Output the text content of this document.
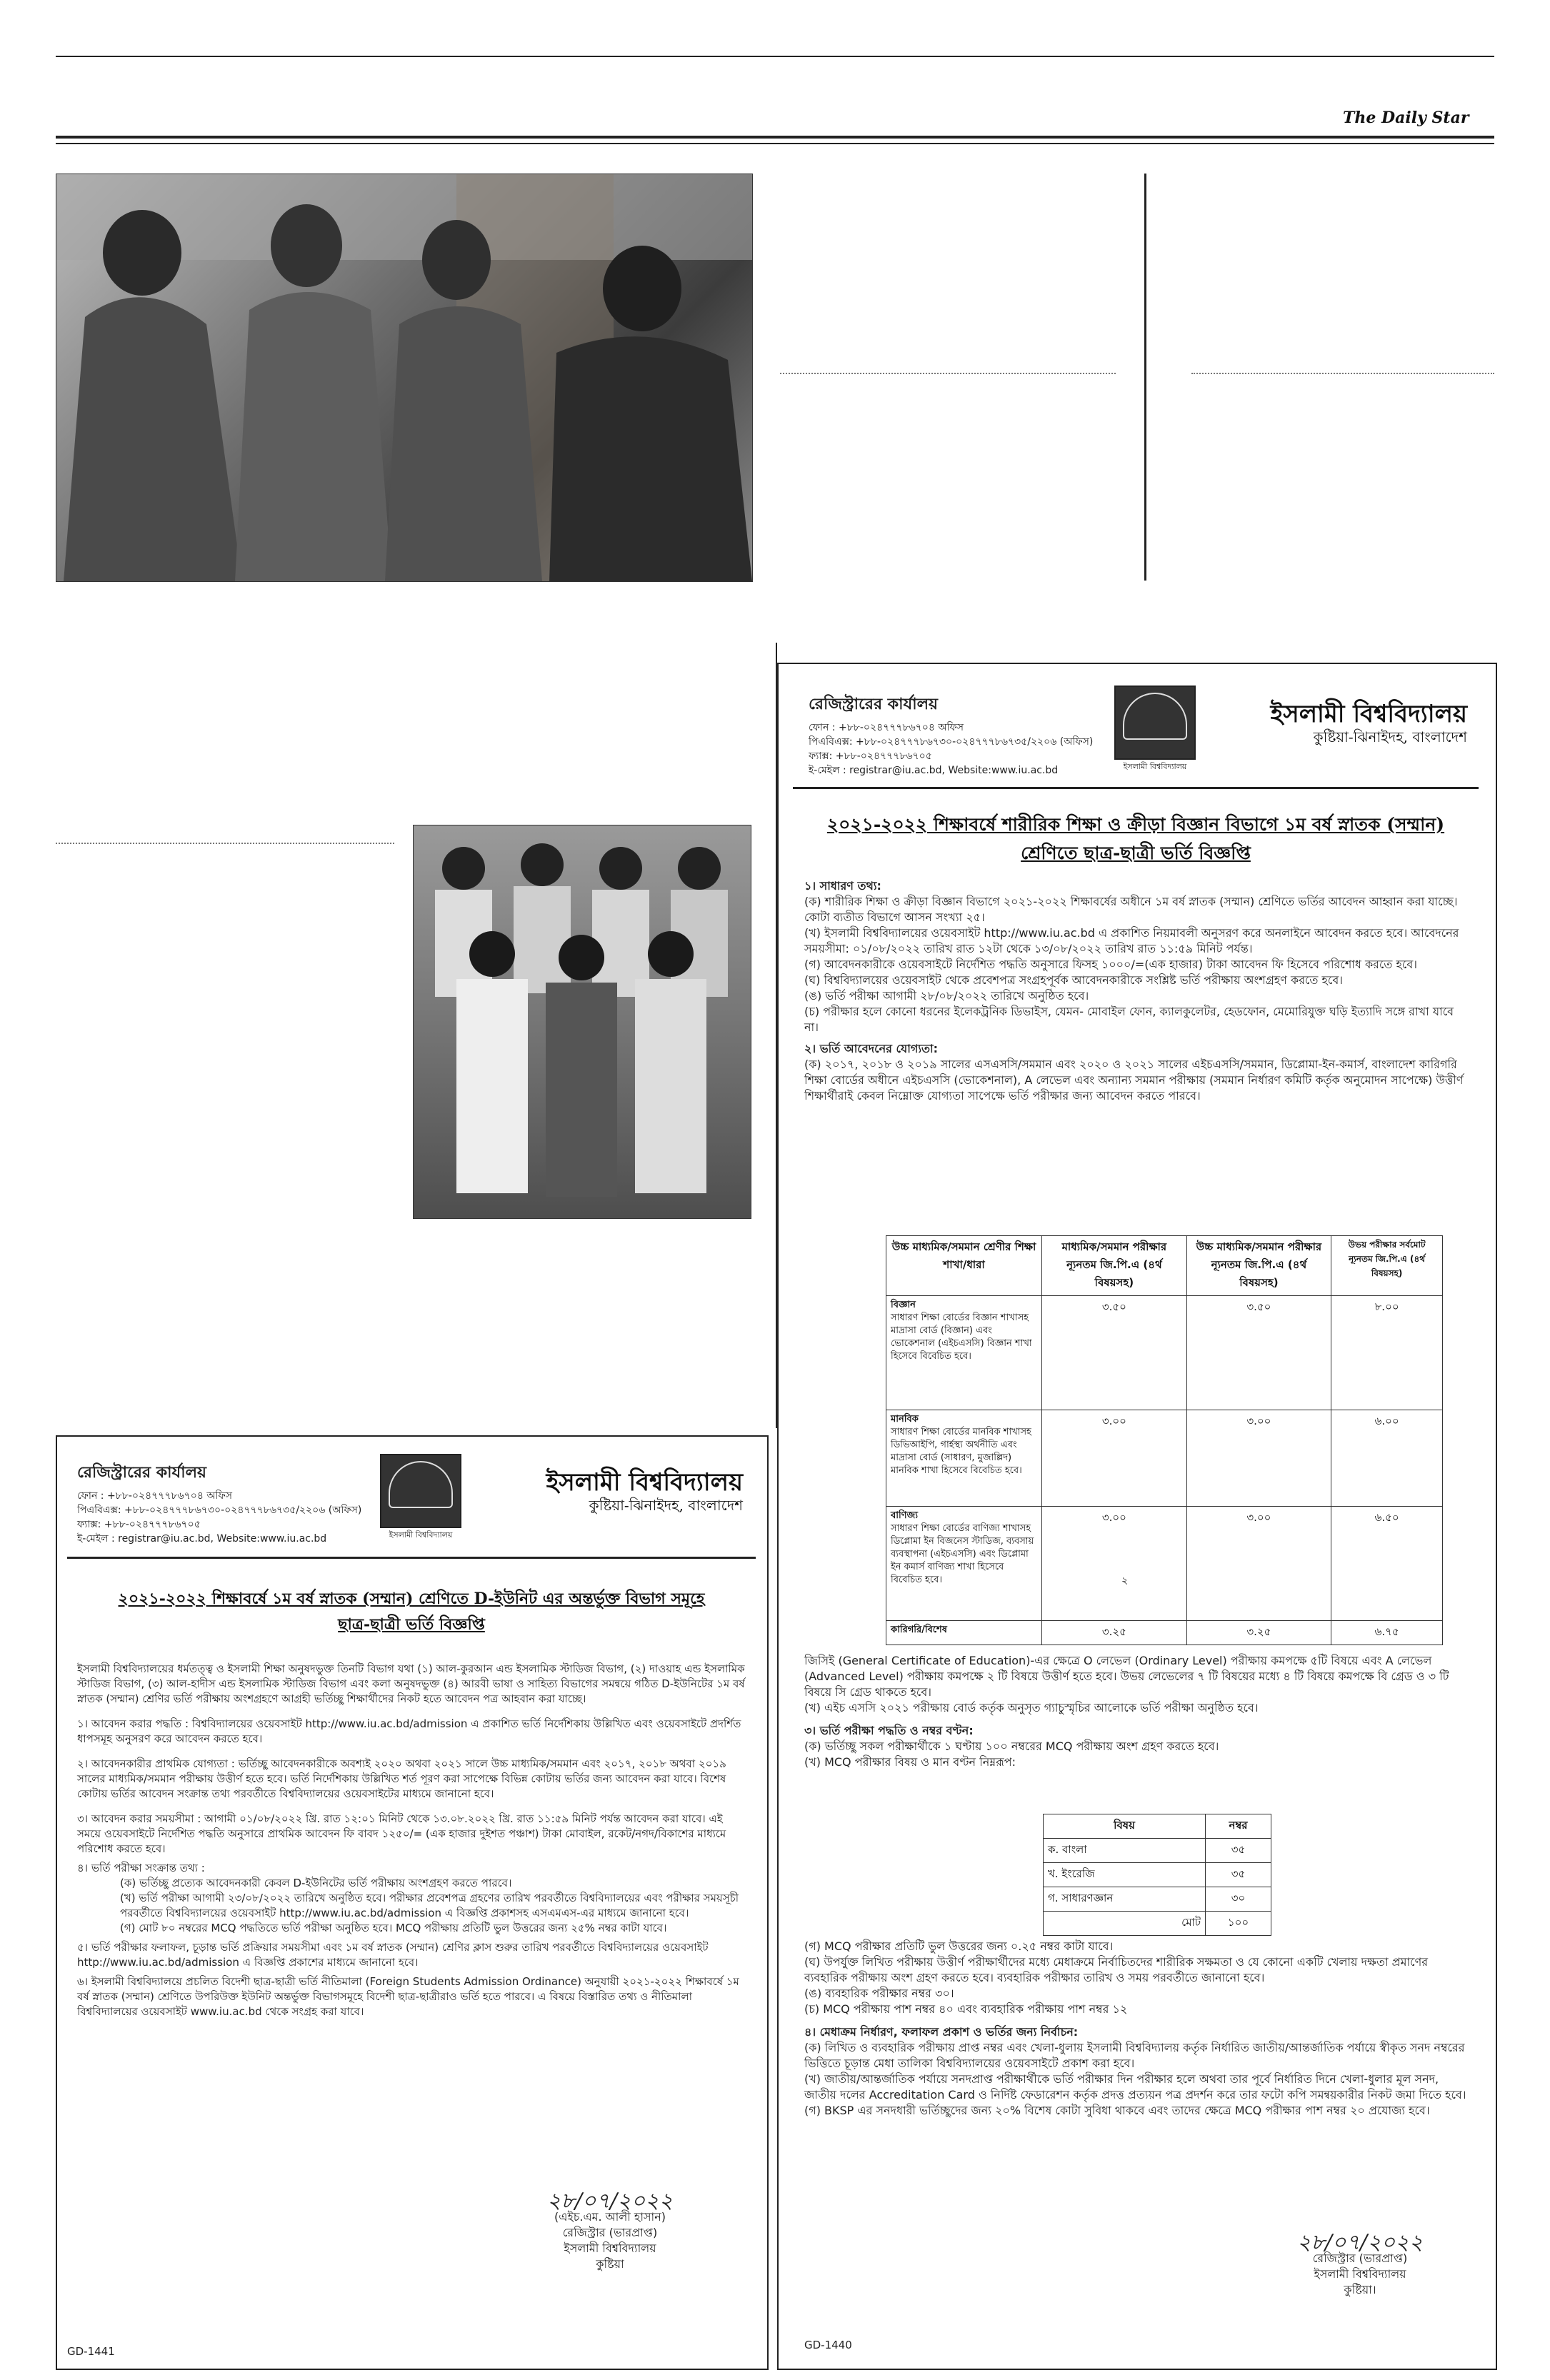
The Daily Star
রেজিস্ট্রারের কার্যালয়
ফোন : +৮৮-০২৪৭৭৭৮৬৭০৪ অফিস
পিএবিএক্স: +৮৮-০২৪৭৭৭৮৬৭৩০-০২৪৭৭৭৮৬৭৩৫/২২০৬ (অফিস)
ফ্যাক্স: +৮৮-০২৪৭৭৭৮৬৭০৫
ই-মেইল : registrar@iu.ac.bd, Website:www.iu.ac.bd	ইসলামী বিশ্ববিদ্যালয়
ইসলামী বিশ্ববিদ্যালয়
কুষ্টিয়া-ঝিনাইদহ, বাংলাদেশ
২০২১-২০২২ শিক্ষাবর্ষে শারীরিক শিক্ষা ও ক্রীড়া বিজ্ঞান বিভাগে ১ম বর্ষ স্নাতক (সম্মান)
শ্রেণিতে ছাত্র-ছাত্রী ভর্তি বিজ্ঞপ্তি

১। সাধারণ তথ্য:

(ক) শারীরিক শিক্ষা ও ক্রীড়া বিজ্ঞান বিভাগে ২০২১-২০২২ শিক্ষাবর্ষের অধীনে ১ম বর্ষ স্নাতক (সম্মান) শ্রেণিতে ভর্তির আবেদন আহ্বান করা যাচ্ছে। কোটা ব্যতীত বিভাগে আসন সংখ্যা ২৫।

(খ) ইসলামী বিশ্ববিদ্যালয়ের ওয়েবসাইট http://www.iu.ac.bd এ প্রকাশিত নিয়মাবলী অনুসরণ করে অনলাইনে আবেদন করতে হবে। আবেদনের সময়সীমা: ০১/০৮/২০২২ তারিখ রাত ১২টা থেকে ১৩/০৮/২০২২ তারিখ রাত ১১:৫৯ মিনিট পর্যন্ত।

(গ) আবেদনকারীকে ওয়েবসাইটে নির্দেশিত পদ্ধতি অনুসারে ফিসহ ১০০০/=(এক হাজার) টাকা আবেদন ফি হিসেবে পরিশোধ করতে হবে।

(ঘ) বিশ্ববিদ্যালয়ের ওয়েবসাইট থেকে প্রবেশপত্র সংগ্রহপূর্বক আবেদনকারীকে সংশ্লিষ্ট ভর্তি পরীক্ষায় অংশগ্রহণ করতে হবে।

(ঙ) ভর্তি পরীক্ষা আগামী ২৮/০৮/২০২২ তারিখে অনুষ্ঠিত হবে।

(চ) পরীক্ষার হলে কোনো ধরনের ইলেকট্রনিক ডিভাইস, যেমন- মোবাইল ফোন, ক্যালকুলেটর, হেডফোন, মেমোরিযুক্ত ঘড়ি ইত্যাদি সঙ্গে রাখা যাবে না।

২। ভর্তি আবেদনের যোগ্যতা:

(ক) ২০১৭, ২০১৮ ও ২০১৯ সালের এসএসসি/সমমান এবং ২০২০ ও ২০২১ সালের এইচএসসি/সমমান, ডিপ্লোমা-ইন-কমার্স, বাংলাদেশ কারিগরি শিক্ষা বোর্ডের অধীনে এইচএসসি (ভোকেশনাল), A লেভেল এবং অন্যান্য সমমান পরীক্ষায় (সমমান নির্ধারণ কমিটি কর্তৃক অনুমোদন সাপেক্ষে) উত্তীর্ণ শিক্ষার্থীরাই কেবল নিম্নোক্ত যোগ্যতা সাপেক্ষে ভর্তি পরীক্ষার জন্য আবেদন করতে পারবে।

উচ্চ মাধ্যমিক/সমমান শ্রেণীর শিক্ষা শাখা/ধারা	মাধ্যমিক/সমমান পরীক্ষার ন্যূনতম জি.পি.এ (৪র্থ বিষয়সহ)	উচ্চ মাধ্যমিক/সমমান পরীক্ষার ন্যূনতম জি.পি.এ (৪র্থ বিষয়সহ)	উভয় পরীক্ষার সর্বমোট ন্যূনতম জি.পি.এ (৪র্থ বিষয়সহ)
বিজ্ঞান
সাধারণ শিক্ষা বোর্ডের বিজ্ঞান শাখাসহ মাদ্রাসা বোর্ড (বিজ্ঞান) এবং ভোকেশনাল (এইচএসসি) বিজ্ঞান শাখা হিসেবে বিবেচিত হবে।	৩.৫০	৩.৫০	৮.০০
মানবিক
সাধারণ শিক্ষা বোর্ডের মানবিক শাখাসহ ডিভিআইপি, গার্হস্থ্য অর্থনীতি এবং মাদ্রাসা বোর্ড (সাধারণ, মুজাল্লিদ) মানবিক শাখা হিসেবে বিবেচিত হবে।	৩.০০	৩.০০	৬.০০
বাণিজ্য
সাধারণ শিক্ষা বোর্ডের বাণিজ্য শাখাসহ ডিপ্লোমা ইন বিজনেস স্টাডিজ, ব্যবসায় ব্যবস্থাপনা (এইচএসসি) এবং ডিপ্লোমা ইন কমার্স বাণিজ্য শাখা হিসেবে বিবেচিত হবে।	৩.০০	৩.০০	৬.৫০
কারিগরি/বিশেষ	৩.২৫	৩.২৫	৬.৭৫
২

জিসিই (General Certificate of Education)-এর ক্ষেত্রে O লেভেল (Ordinary Level) পরীক্ষায় কমপক্ষে ৫টি বিষয়ে এবং A লেভেল (Advanced Level) পরীক্ষায় কমপক্ষে ২ টি বিষয়ে উত্তীর্ণ হতে হবে। উভয় লেভেলের ৭ টি বিষয়ের মধ্যে ৪ টি বিষয়ে কমপক্ষে বি গ্রেড ও ৩ টি বিষয়ে সি গ্রেড থাকতে হবে।

(খ) এইচ এসসি ২০২১ পরীক্ষায় বোর্ড কর্তৃক অনুসৃত গ্যাচুস্মৃচির আলোকে ভর্তি পরীক্ষা অনুষ্ঠিত হবে।

৩। ভর্তি পরীক্ষা পদ্ধতি ও নম্বর বণ্টন:

(ক) ভর্তিচ্ছু সকল পরীক্ষার্থীকে ১ ঘণ্টায় ১০০ নম্বরের MCQ পরীক্ষায় অংশ গ্রহণ করতে হবে।

(খ) MCQ পরীক্ষার বিষয় ও মান বণ্টন নিম্নরূপ:

বিষয়	নম্বর
ক. বাংলা	৩৫
খ. ইংরেজি	৩৫
গ. সাধারণজ্ঞান	৩০
মোট	১০০

(গ) MCQ পরীক্ষার প্রতিটি ভুল উত্তরের জন্য ০.২৫ নম্বর কাটা যাবে।

(ঘ) উপর্যুক্ত লিখিত পরীক্ষায় উত্তীর্ণ পরীক্ষার্থীদের মধ্যে মেধাক্রমে নির্বাচিতদের শারীরিক সক্ষমতা ও যে কোনো একটি খেলায় দক্ষতা প্রমাণের ব্যবহারিক পরীক্ষায় অংশ গ্রহণ করতে হবে। ব্যবহারিক পরীক্ষার তারিখ ও সময় পরবর্তীতে জানানো হবে।

(ঙ) ব্যবহারিক পরীক্ষার নম্বর ৩০।

(চ) MCQ পরীক্ষায় পাশ নম্বর ৪০ এবং ব্যবহারিক পরীক্ষায় পাশ নম্বর ১২

৪। মেধাক্রম নির্ধারণ, ফলাফল প্রকাশ ও ভর্তির জন্য নির্বাচন:

(ক) লিখিত ও ব্যবহারিক পরীক্ষায় প্রাপ্ত নম্বর এবং খেলা-ধুলায় ইসলামী বিশ্ববিদ্যালয় কর্তৃক নির্ধারিত জাতীয়/আন্তর্জাতিক পর্যায়ে স্বীকৃত সনদ নম্বরের ভিত্তিতে চূড়ান্ত মেধা তালিকা বিশ্ববিদ্যালয়ের ওয়েবসাইটে প্রকাশ করা হবে।

(খ) জাতীয়/আন্তর্জাতিক পর্যায়ে সনদপ্রাপ্ত পরীক্ষার্থীকে ভর্তি পরীক্ষার দিন পরীক্ষার হলে অথবা তার পূর্বে নির্ধারিত দিনে খেলা-ধুলার মূল সনদ, জাতীয় দলের Accreditation Card ও নির্দিষ্ট ফেডারেশন কর্তৃক প্রদত্ত প্রত্যয়ন পত্র প্রদর্শন করে তার ফটো কপি সমন্বয়কারীর নিকট জমা দিতে হবে।

(গ) BKSP এর সনদধারী ভর্তিচ্ছুদের জন্য ২০% বিশেষ কোটা সুবিধা থাকবে এবং তাদের ক্ষেত্রে MCQ পরীক্ষার পাশ নম্বর ২০ প্রযোজ্য হবে।

২৮/০৭/২০২২
রেজিস্ট্রার (ভারপ্রাপ্ত)
ইসলামী বিশ্ববিদ্যালয়
কুষ্টিয়া।
GD-1440
রেজিস্ট্রারের কার্যালয়
ফোন : +৮৮-০২৪৭৭৭৮৬৭০৪ অফিস
পিএবিএক্স: +৮৮-০২৪৭৭৭৮৬৭৩০-০২৪৭৭৭৮৬৭৩৫/২২০৬ (অফিস)
ফ্যাক্স: +৮৮-০২৪৭৭৭৮৬৭০৫
ই-মেইল : registrar@iu.ac.bd, Website:www.iu.ac.bd	ইসলামী বিশ্ববিদ্যালয়
ইসলামী বিশ্ববিদ্যালয়
কুষ্টিয়া-ঝিনাইদহ, বাংলাদেশ
২০২১-২০২২ শিক্ষাবর্ষে ১ম বর্ষ স্নাতক (সম্মান) শ্রেণিতে D-ইউনিট এর অন্তর্ভুক্ত বিভাগ সমূহে
ছাত্র-ছাত্রী ভর্তি বিজ্ঞপ্তি

ইসলামী বিশ্ববিদ্যালয়ের ধর্মতত্ত্ব ও ইসলামী শিক্ষা অনুষদভুক্ত তিনটি বিভাগ যথা (১) আল-কুরআন এন্ড ইসলামিক স্টাডিজ বিভাগ, (২) দাওয়াহ এন্ড ইসলামিক স্টাডিজ বিভাগ, (৩) আল-হাদীস এন্ড ইসলামিক স্টাডিজ বিভাগ এবং কলা অনুষদভুক্ত (৪) আরবী ভাষা ও সাহিত্য বিভাগের সমন্বয়ে গঠিত D-ইউনিটের ১ম বর্ষ স্নাতক (সম্মান) শ্রেণির ভর্তি পরীক্ষায় অংশগ্রহণে আগ্রহী ভর্তিচ্ছু শিক্ষার্থীদের নিকট হতে আবেদন পত্র আহবান করা যাচ্ছে।

১। আবেদন করার পদ্ধতি : বিশ্ববিদ্যালয়ের ওয়েবসাইট http://www.iu.ac.bd/admission এ প্রকাশিত ভর্তি নির্দেশিকায় উল্লিখিত এবং ওয়েবসাইটে প্রদর্শিত ধাপসমূহ অনুসরণ করে আবেদন করতে হবে।

২। আবেদনকারীর প্রাথমিক যোগ্যতা : ভর্তিচ্ছু আবেদনকারীকে অবশ্যই ২০২০ অথবা ২০২১ সালে উচ্চ মাধ্যমিক/সমমান এবং ২০১৭, ২০১৮ অথবা ২০১৯ সালের মাধ্যমিক/সমমান পরীক্ষায় উত্তীর্ণ হতে হবে। ভর্তি নির্দেশিকায় উল্লিখিত শর্ত পূরণ করা সাপেক্ষে বিভিন্ন কোটায় ভর্তির জন্য আবেদন করা যাবে। বিশেষ কোটায় ভর্তির আবেদন সংক্রান্ত তথ্য পরবর্তীতে বিশ্ববিদ্যালয়ের ওয়েবসাইটের মাধ্যমে জানানো হবে।

৩। আবেদন করার সময়সীমা : আগামী ০১/০৮/২০২২ খ্রি. রাত ১২:০১ মিনিট থেকে ১৩.০৮.২০২২ খ্রি. রাত ১১:৫৯ মিনিট পর্যন্ত আবেদন করা যাবে। এই সময়ে ওয়েবসাইটে নির্দেশিত পদ্ধতি অনুসারে প্রাথমিক আবেদন ফি বাবদ ১২৫০/= (এক হাজার দুইশত পঞ্চাশ) টাকা মোবাইল, রকেট/নগদ/বিকাশের মাধ্যমে পরিশোধ করতে হবে।

৪। ভর্তি পরীক্ষা সংক্রান্ত তথ্য :

(ক) ভর্তিচ্ছু প্রত্যেক আবেদনকারী কেবল D-ইউনিটের ভর্তি পরীক্ষায় অংশগ্রহণ করতে পারবে।

(খ) ভর্তি পরীক্ষা আগামী ২৩/০৮/২০২২ তারিখে অনুষ্ঠিত হবে। পরীক্ষার প্রবেশপত্র গ্রহণের তারিখ পরবর্তীতে বিশ্ববিদ্যালয়ের এবং পরীক্ষার সময়সূচী পরবর্তীতে বিশ্ববিদ্যালয়ের ওয়েবসাইট http://www.iu.ac.bd/admission এ বিজ্ঞপ্তি প্রকাশসহ এসএমএস-এর মাধ্যমে জানানো হবে।

(গ) মোট ৮০ নম্বরের MCQ পদ্ধতিতে ভর্তি পরীক্ষা অনুষ্ঠিত হবে। MCQ পরীক্ষায় প্রতিটি ভুল উত্তরের জন্য ২৫% নম্বর কাটা যাবে।

৫। ভর্তি পরীক্ষার ফলাফল, চূড়ান্ত ভর্তি প্রক্রিয়ার সময়সীমা এবং ১ম বর্ষ স্নাতক (সম্মান) শ্রেণির ক্লাস শুরুর তারিখ পরবর্তীতে বিশ্ববিদ্যালয়ের ওয়েবসাইট http://www.iu.ac.bd/admission এ বিজ্ঞপ্তি প্রকাশের মাধ্যমে জানানো হবে।

৬। ইসলামী বিশ্ববিদ্যালয়ে প্রচলিত বিদেশী ছাত্র-ছাত্রী ভর্তি নীতিমালা (Foreign Students Admission Ordinance) অনুযায়ী ২০২১-২০২২ শিক্ষাবর্ষে ১ম বর্ষ স্নাতক (সম্মান) শ্রেণিতে উপরিউক্ত ইউনিট অন্তর্ভুক্ত বিভাগসমূহে বিদেশী ছাত্র-ছাত্রীরাও ভর্তি হতে পারবে। এ বিষয়ে বিস্তারিত তথ্য ও নীতিমালা বিশ্ববিদ্যালয়ের ওয়েবসাইট www.iu.ac.bd থেকে সংগ্রহ করা যাবে।

২৮/০৭/২০২২
(এইচ.এম. আলী হাসান)
রেজিস্ট্রার (ভারপ্রাপ্ত)
ইসলামী বিশ্ববিদ্যালয়
কুষ্টিয়া
GD-1441
